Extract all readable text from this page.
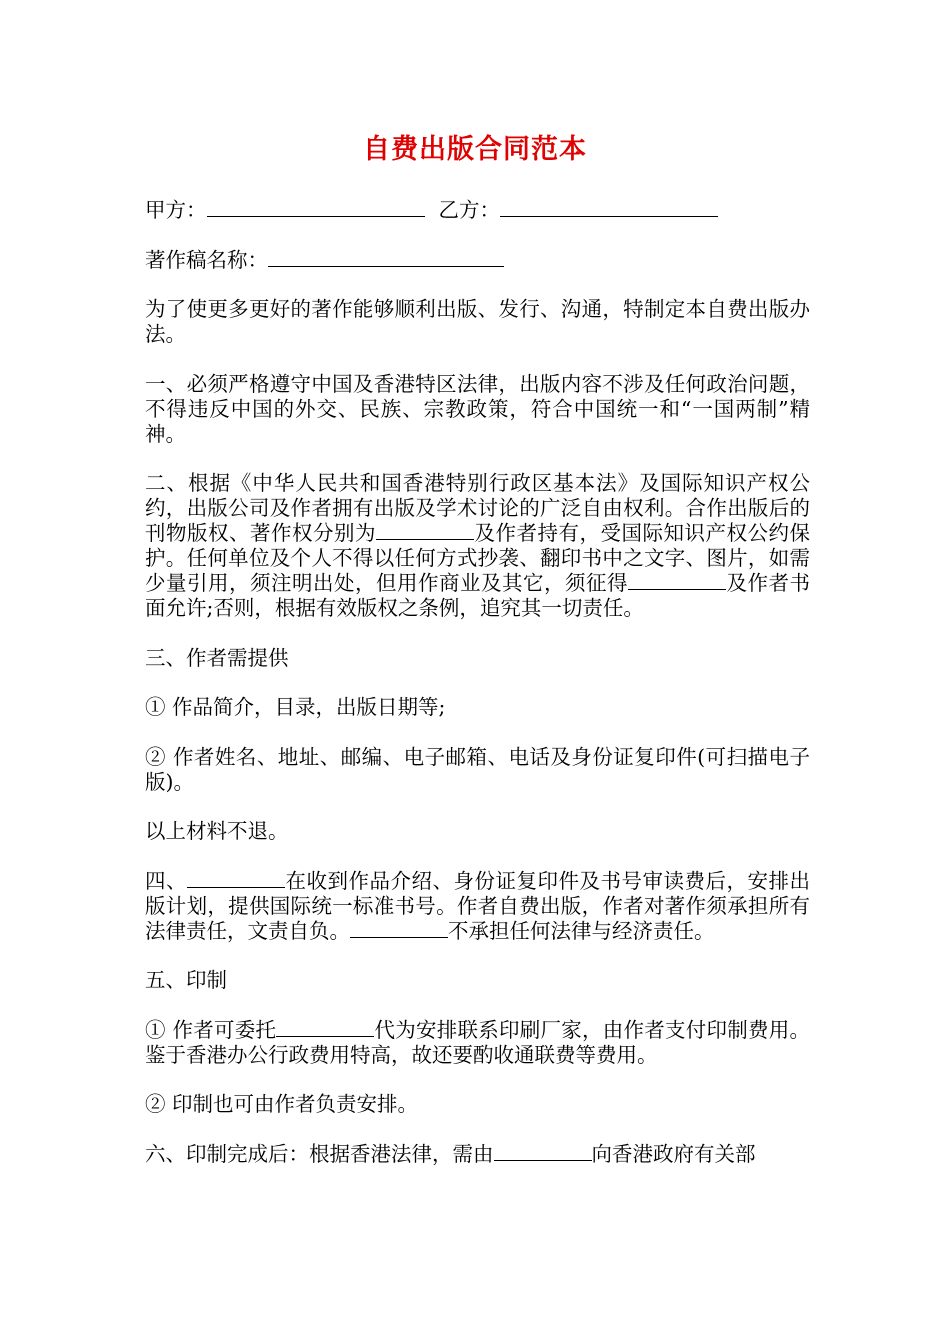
自费出版合同范本

甲方：	乙方：

著作稿名称：

为了使更多更好的著作能够顺利出版、发行、沟通，特制定本自费出版办法。

一、必须严格遵守中国及香港特区法律，出版内容不涉及任何政治问题，不得违反中国的外交、民族、宗教政策，符合中国统一和“一国两制”精神。

二、根据《中华人民共和国香港特别行政区基本法》及国际知识产权公约，出版公司及作者拥有出版及学术讨论的广泛自由权利。合作出版后的刊物版权、著作权分别为	及作者持有，受国际知识产权公约保护。任何单位及个人不得以任何方式抄袭、翻印书中之文字、图片，如需少量引用，须注明出处，但用作商业及其它，须征得	及作者书面允许;否则，根据有效版权之条例，追究其一切责任。

三、作者需提供

① 作品简介，目录，出版日期等;

② 作者姓名、地址、邮编、电子邮箱、电话及身份证复印件(可扫描电子版)。

以上材料不退。

四、	在收到作品介绍、身份证复印件及书号审读费后，安排出版计划，提供国际统一标准书号。作者自费出版，作者对著作须承担所有法律责任，文责自负。	不承担任何法律与经济责任。

五、印制

① 作者可委托	代为安排联系印刷厂家，由作者支付印制费用。鉴于香港办公行政费用特高，故还要酌收通联费等费用。

② 印制也可由作者负责安排。

六、印制完成后：根据香港法律，需由	向香港政府有关部
